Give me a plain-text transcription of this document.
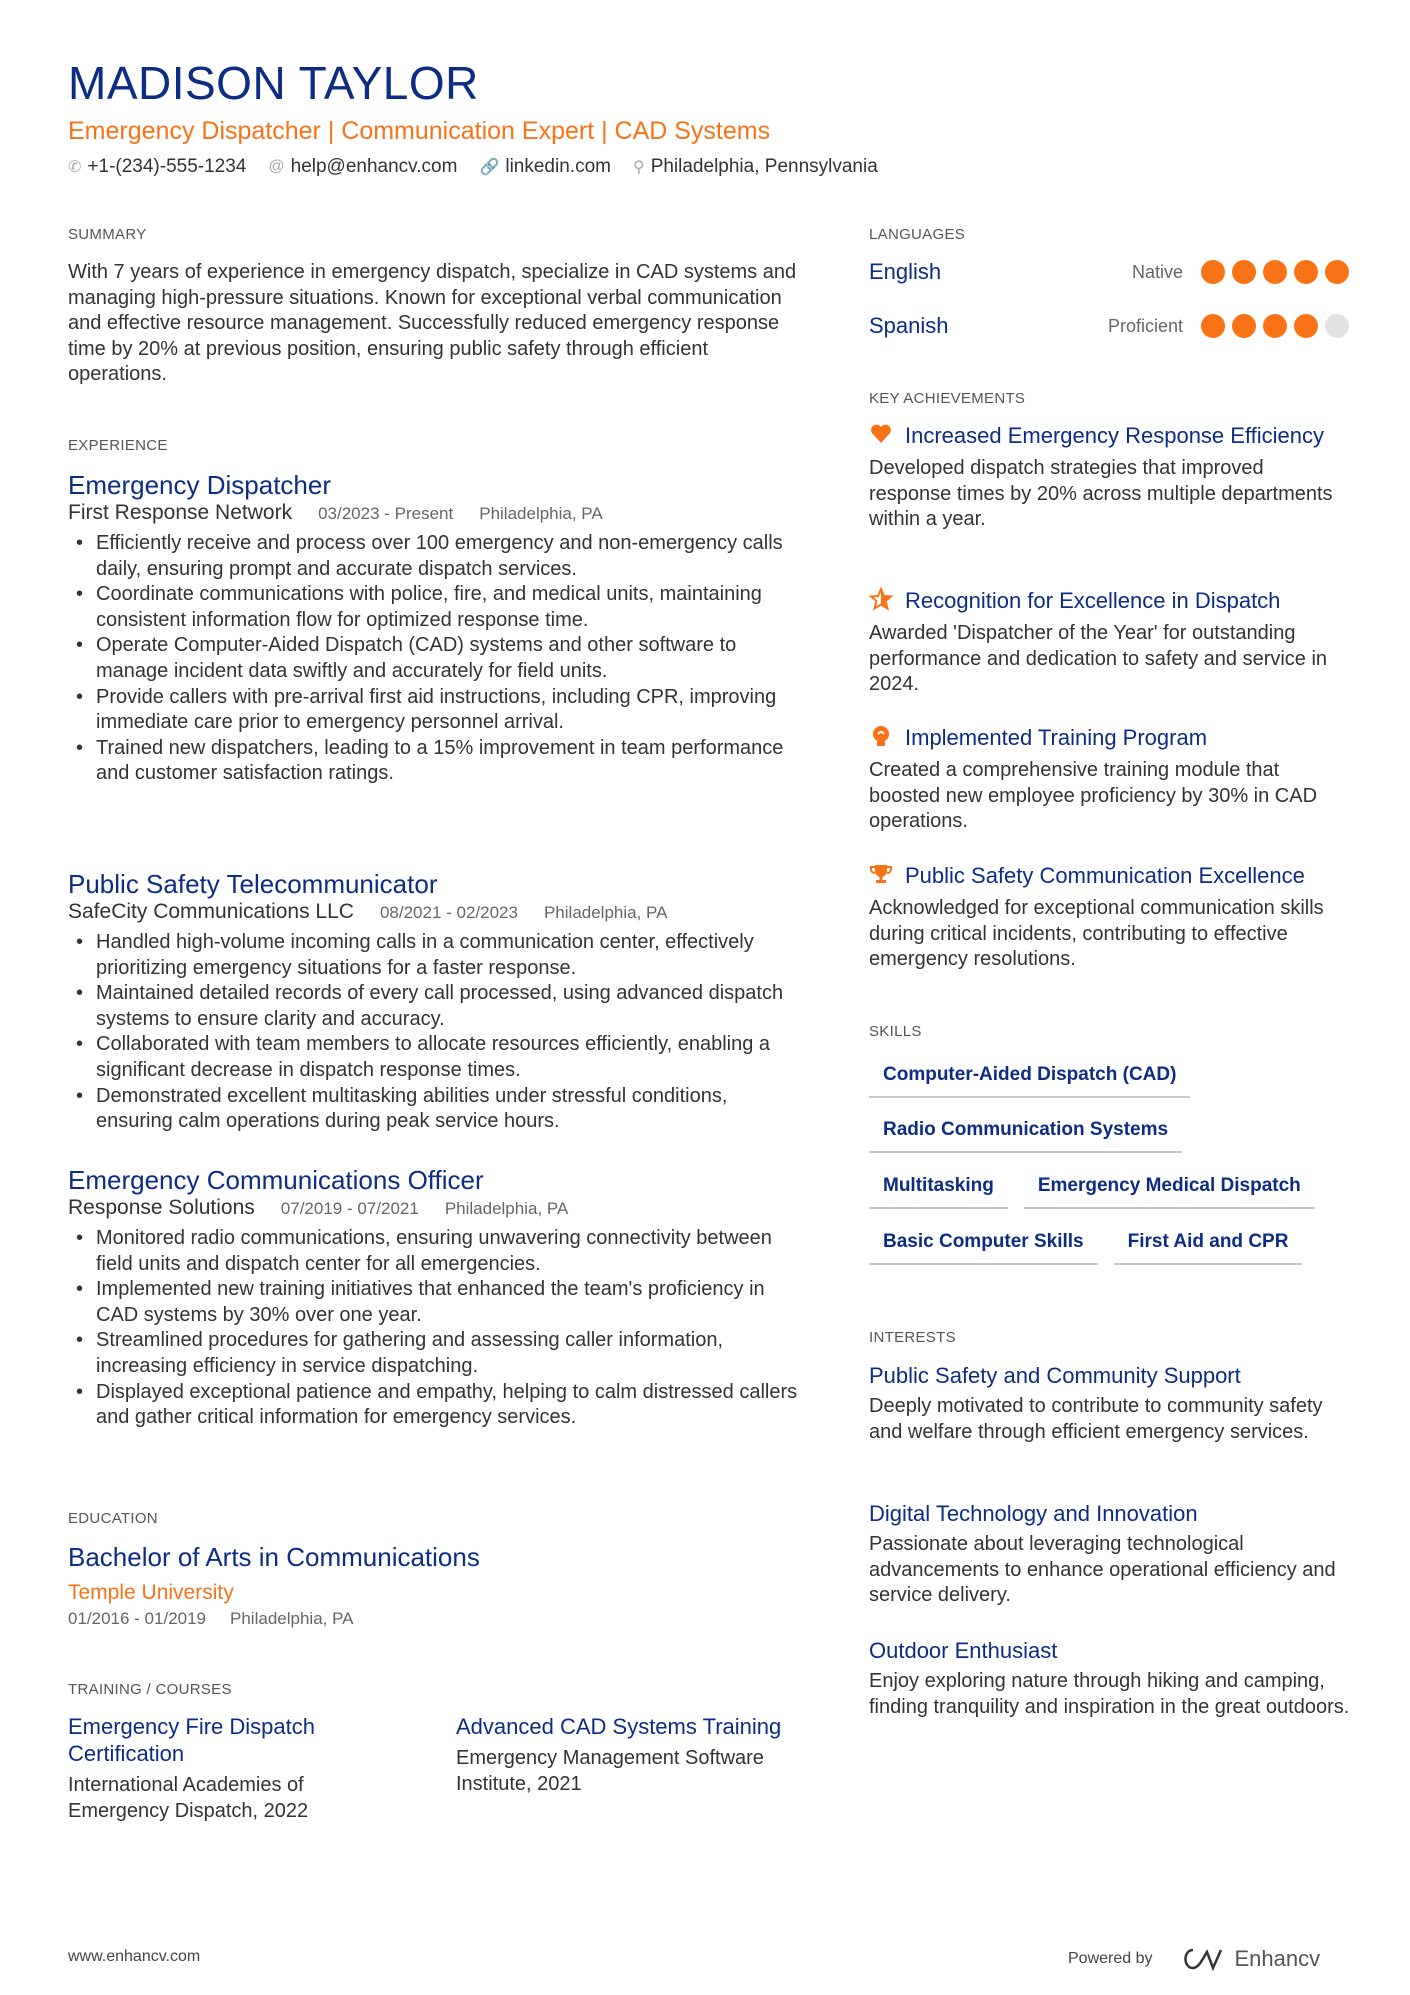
MADISON TAYLOR
Emergency Dispatcher | Communication Expert | CAD Systems
✆ +1-(234)-555-1234 @ help@enhancv.com 🔗 linkedin.com ⚲ Philadelphia, Pennsylvania
SUMMARY
With 7 years of experience in emergency dispatch, specialize in CAD systems and managing high-pressure situations. Known for exceptional verbal communication and effective resource management. Successfully reduced emergency response time by 20% at previous position, ensuring public safety through efficient operations.
EXPERIENCE
Emergency Dispatcher
First Response Network 03/2023 - Present Philadelphia, PA
• Efficiently receive and process over 100 emergency and non-emergency calls daily, ensuring prompt and accurate dispatch services.
• Coordinate communications with police, fire, and medical units, maintaining consistent information flow for optimized response time.
• Operate Computer-Aided Dispatch (CAD) systems and other software to manage incident data swiftly and accurately for field units.
• Provide callers with pre-arrival first aid instructions, including CPR, improving immediate care prior to emergency personnel arrival.
• Trained new dispatchers, leading to a 15% improvement in team performance and customer satisfaction ratings.
Public Safety Telecommunicator
SafeCity Communications LLC 08/2021 - 02/2023 Philadelphia, PA
• Handled high-volume incoming calls in a communication center, effectively prioritizing emergency situations for a faster response.
• Maintained detailed records of every call processed, using advanced dispatch systems to ensure clarity and accuracy.
• Collaborated with team members to allocate resources efficiently, enabling a significant decrease in dispatch response times.
• Demonstrated excellent multitasking abilities under stressful conditions, ensuring calm operations during peak service hours.
Emergency Communications Officer
Response Solutions 07/2019 - 07/2021 Philadelphia, PA
• Monitored radio communications, ensuring unwavering connectivity between field units and dispatch center for all emergencies.
• Implemented new training initiatives that enhanced the team's proficiency in CAD systems by 30% over one year.
• Streamlined procedures for gathering and assessing caller information, increasing efficiency in service dispatching.
• Displayed exceptional patience and empathy, helping to calm distressed callers and gather critical information for emergency services.
EDUCATION
Bachelor of Arts in Communications
Temple University
01/2016 - 01/2019 Philadelphia, PA
TRAINING / COURSES
Emergency Fire Dispatch Certification
International Academies of Emergency Dispatch, 2022
Advanced CAD Systems Training
Emergency Management Software Institute, 2021
LANGUAGES
English	Native
Spanish	Proficient
KEY ACHIEVEMENTS
Increased Emergency Response Efficiency
Developed dispatch strategies that improved response times by 20% across multiple departments within a year.
Recognition for Excellence in Dispatch
Awarded 'Dispatcher of the Year' for outstanding performance and dedication to safety and service in 2024.
Implemented Training Program
Created a comprehensive training module that boosted new employee proficiency by 30% in CAD operations.
Public Safety Communication Excellence
Acknowledged for exceptional communication skills during critical incidents, contributing to effective emergency resolutions.
SKILLS
Computer-Aided Dispatch (CAD)
Radio Communication Systems
Multitasking	Emergency Medical Dispatch
Basic Computer Skills	First Aid and CPR
INTERESTS
Public Safety and Community Support
Deeply motivated to contribute to community safety and welfare through efficient emergency services.
Digital Technology and Innovation
Passionate about leveraging technological advancements to enhance operational efficiency and service delivery.
Outdoor Enthusiast
Enjoy exploring nature through hiking and camping, finding tranquility and inspiration in the great outdoors.
www.enhancv.com	Powered by	Enhancv
